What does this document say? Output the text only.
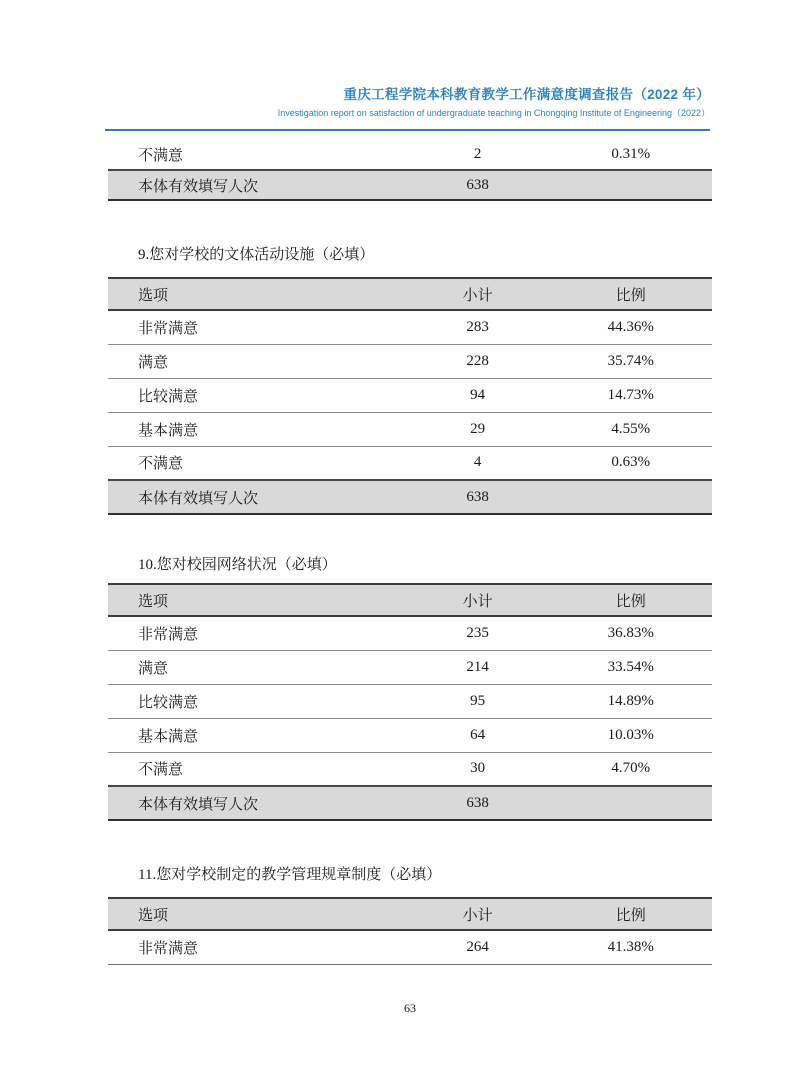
重庆工程学院本科教育教学工作满意度调查报告（2022 年）
Investigation report on satisfaction of undergraduate teaching in Chongqing Institute of Engineering（2022）
不满意	2	0.31%
本体有效填写人次	638	
9.您对学校的文体活动设施（必填）
选项	小计	比例
非常满意	283	44.36%
满意	228	35.74%
比较满意	94	14.73%
基本满意	29	4.55%
不满意	4	0.63%
本体有效填写人次	638	
10.您对校园网络状况（必填）
选项	小计	比例
非常满意	235	36.83%
满意	214	33.54%
比较满意	95	14.89%
基本满意	64	10.03%
不满意	30	4.70%
本体有效填写人次	638	
11.您对学校制定的教学管理规章制度（必填）
选项	小计	比例
非常满意	264	41.38%
63
